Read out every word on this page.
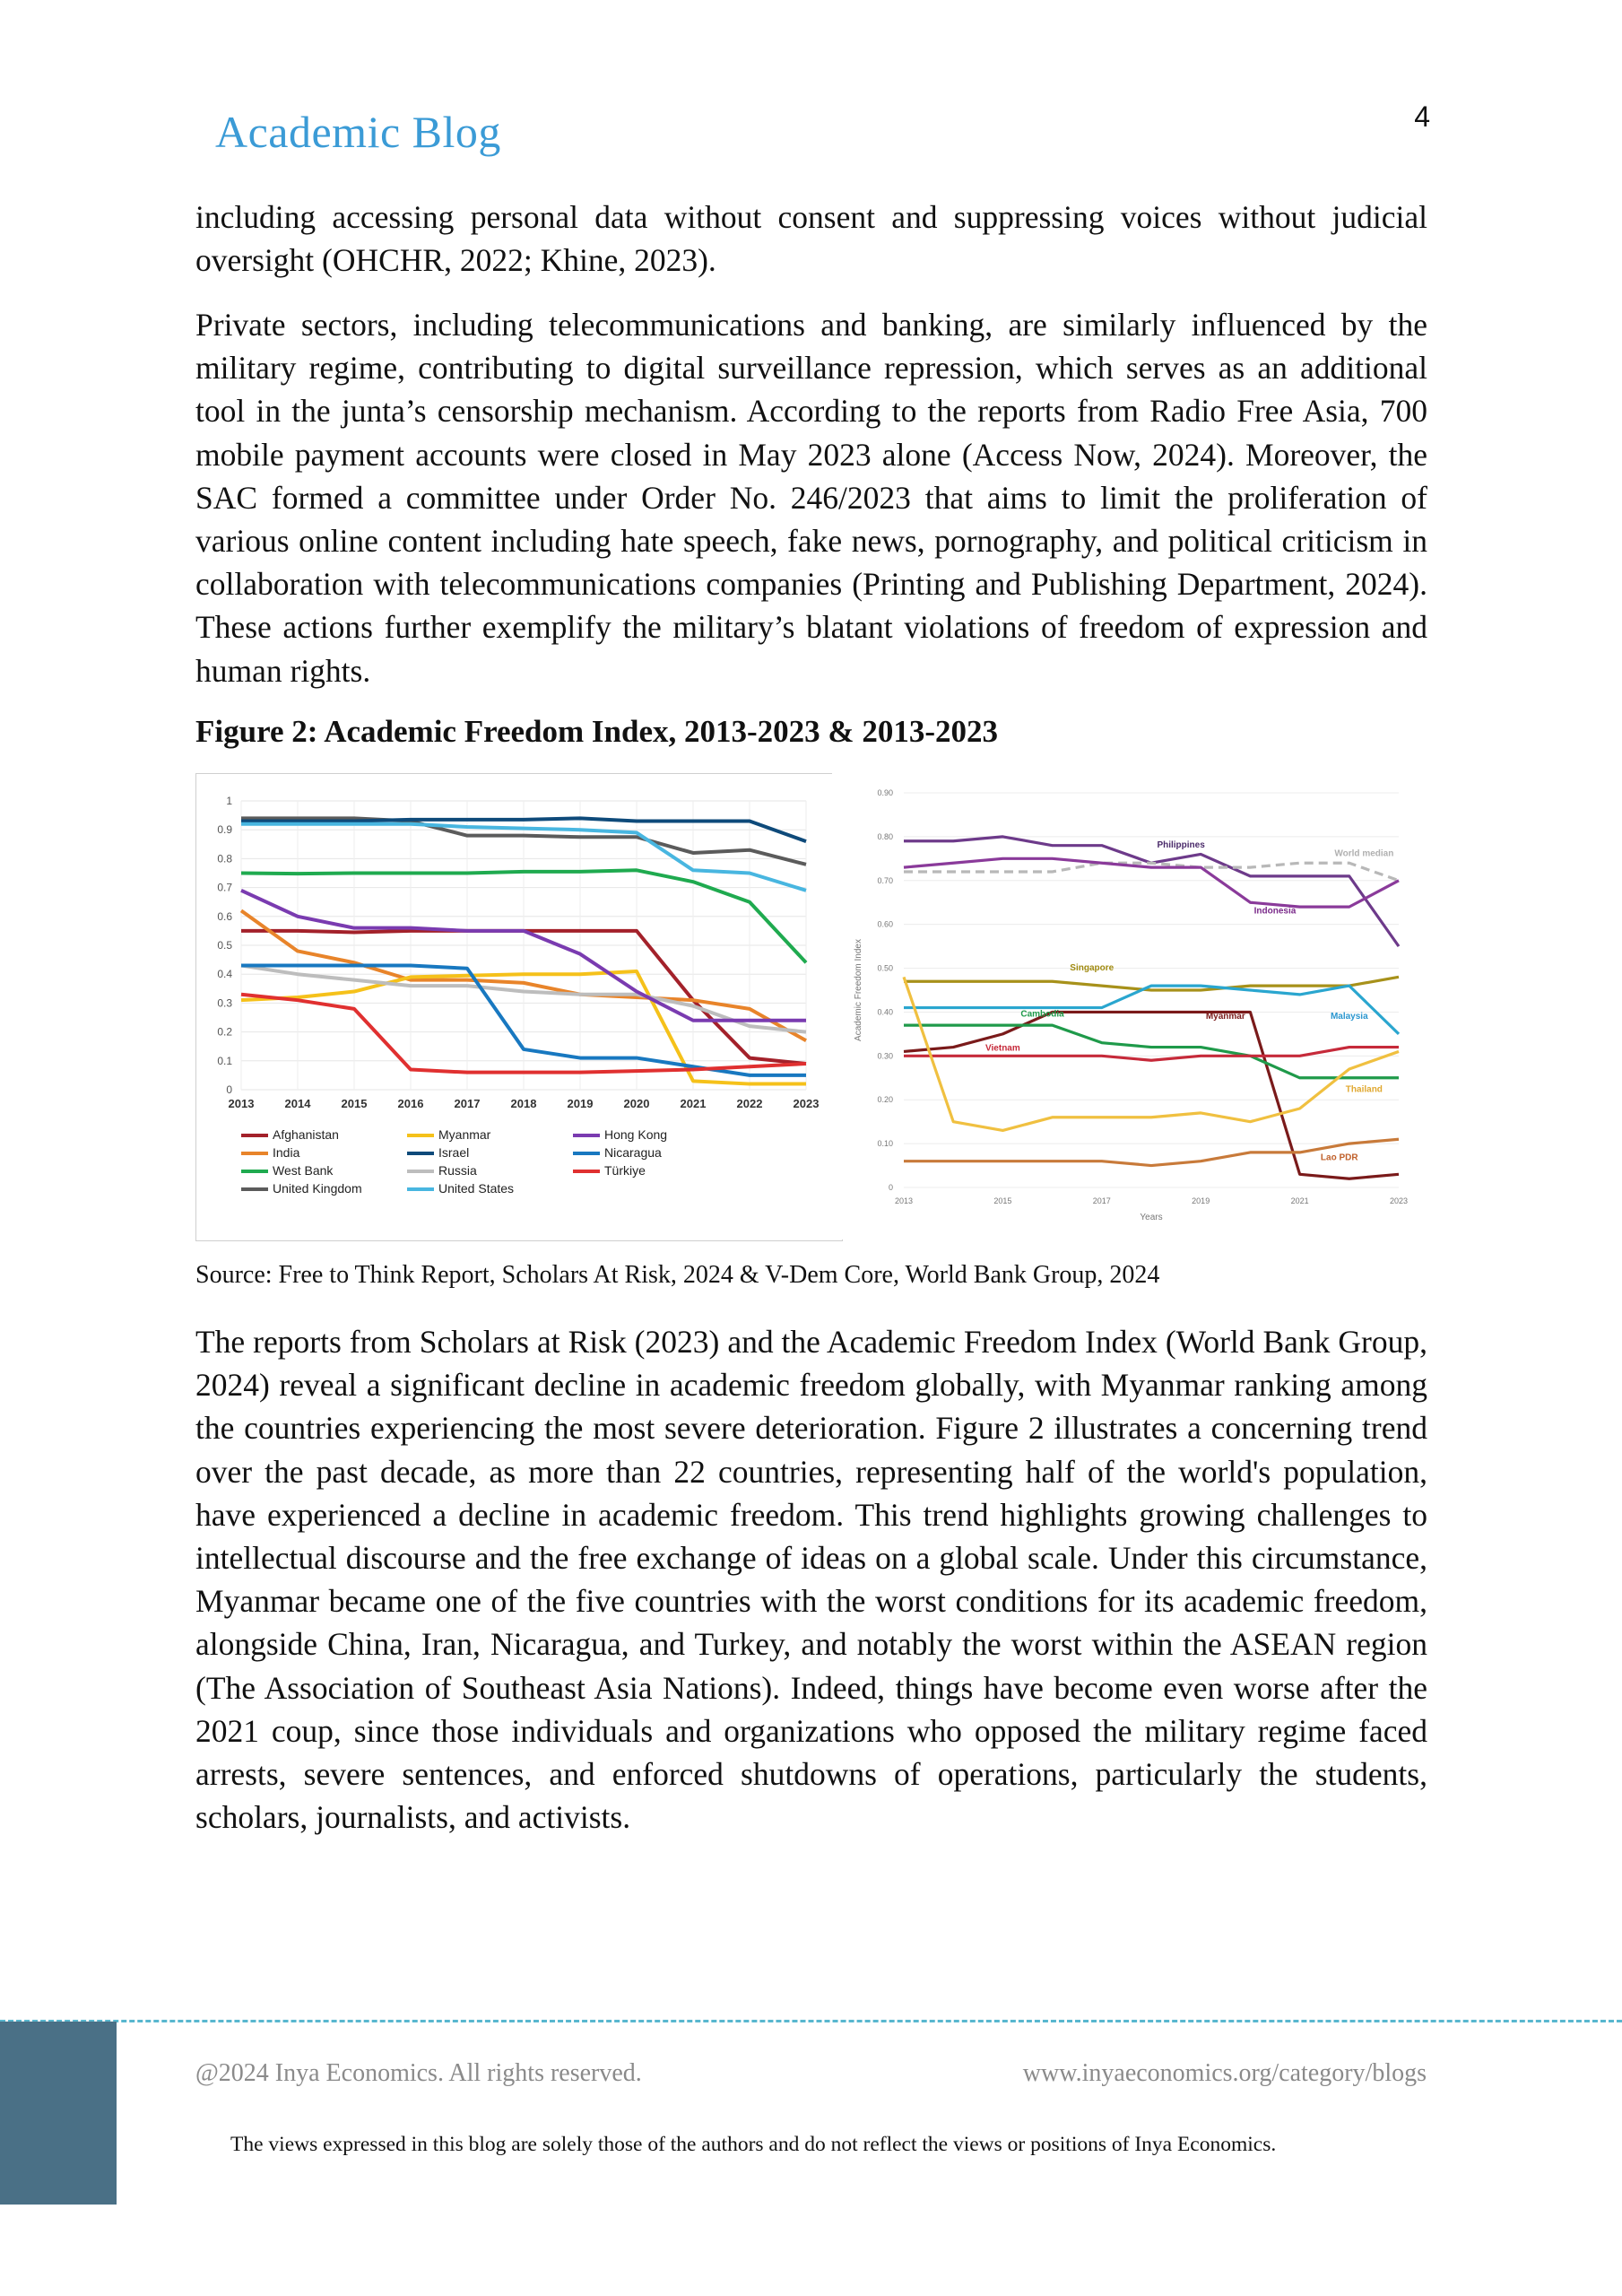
4
Academic Blog

including accessing personal data without consent and suppressing voices without judicial oversight (OHCHR, 2022; Khine, 2023).

Private sectors, including telecommunications and banking, are similarly influenced by the military regime, contributing to digital surveillance repression, which serves as an additional tool in the junta’s censorship mechanism. According to the reports from Radio Free Asia, 700 mobile payment accounts were closed in May 2023 alone (Access Now, 2024). Moreover, the SAC formed a committee under Order No. 246/2023 that aims to limit the proliferation of various online content including hate speech, fake news, pornography, and political criticism in collaboration with telecommunications companies (Printing and Publishing Department, 2024). These actions further exemplify the military’s blatant violations of freedom of expression and human rights.

Figure 2: Academic Freedom Index, 2013-2023 & 2013-2023
0
0.1
0.2
0.3
0.4
0.5
0.6
0.7
0.8
0.9
1
2013	2014	2015	2016	2017	2018	2019	2020	2021	2022	2023
Afghanistan
India
West Bank
United Kingdom
Myanmar
Israel
Russia
United States
Hong Kong
Nicaragua
Türkiye
0
0.10
0.20
0.30
0.40
0.50
0.60
0.70
0.80
0.90
2013	2015	2017	2019	2021	2023
Years
Academic Freedom Index
Philippines
World median
Indonesia
Singapore
Malaysia
Myanmar
Cambodia
Vietnam
Thailand
Lao PDR
Source: Free to Think Report, Scholars At Risk, 2024 & V-Dem Core, World Bank Group, 2024

The reports from Scholars at Risk (2023) and the Academic Freedom Index (World Bank Group, 2024) reveal a significant decline in academic freedom globally, with Myanmar ranking among the countries experiencing the most severe deterioration. Figure 2 illustrates a concerning trend over the past decade, as more than 22 countries, representing half of the world's population, have experienced a decline in academic freedom. This trend highlights growing challenges to intellectual discourse and the free exchange of ideas on a global scale. Under this circumstance, Myanmar became one of the five countries with the worst conditions for its academic freedom, alongside China, Iran, Nicaragua, and Turkey, and notably the worst within the ASEAN region (The Association of Southeast Asia Nations). Indeed, things have become even worse after the 2021 coup, since those individuals and organizations who opposed the military regime faced arrests, severe sentences, and enforced shutdowns of operations, particularly the students, scholars, journalists, and activists.

@2024 Inya Economics. All rights reserved.	www.inyaeconomics.org/category/blogs
The views expressed in this blog are solely those of the authors and do not reflect the views or positions of Inya Economics.
